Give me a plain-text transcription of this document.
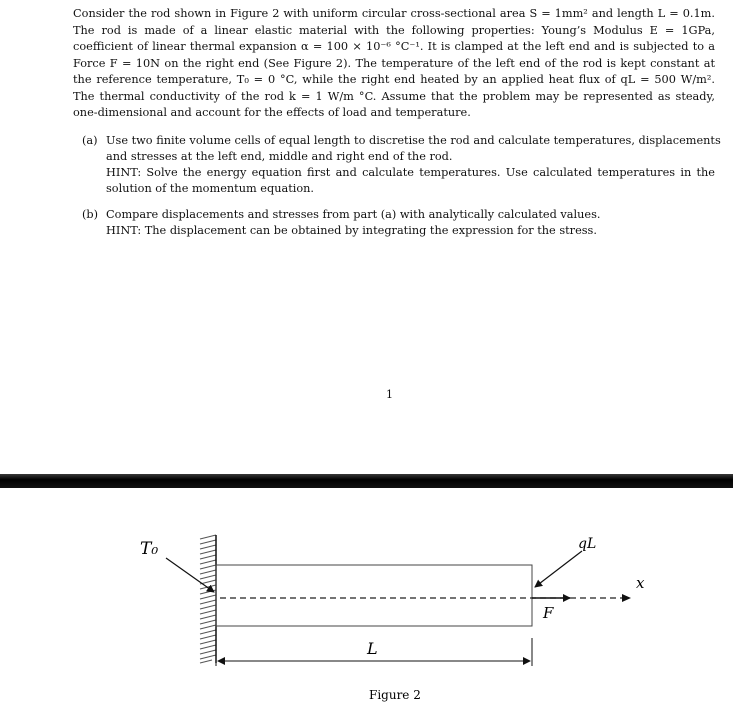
Consider the rod shown in Figure 2 with uniform circular cross-sectional area S = 1mm² and length L = 0.1m.
The rod is made of a linear elastic material with the following properties: Young’s Modulus E = 1GPa,
coefficient of linear thermal expansion α = 100 × 10⁻⁶ °C⁻¹. It is clamped at the left end and is subjected to a
Force F = 10N on the right end (See Figure 2). The temperature of the left end of the rod is kept constant at
the reference temperature, T₀ = 0 °C, while the right end heated by an applied heat flux of qL = 500 W/m².
The thermal conductivity of the rod k = 1 W/m °C. Assume that the problem may be represented as steady,
one-dimensional and account for the effects of load and temperature.
(a) Use two finite volume cells of equal length to discretise the rod and calculate temperatures, displacements
and stresses at the left end, middle and right end of the rod.
HINT: Solve the energy equation first and calculate temperatures. Use calculated temperatures in the
solution of the momentum equation.
(b) Compare displacements and stresses from part (a) with analytically calculated values.
HINT: The displacement can be obtained by integrating the expression for the stress.
1
T₀	qL
x
F
L
Figure 2
